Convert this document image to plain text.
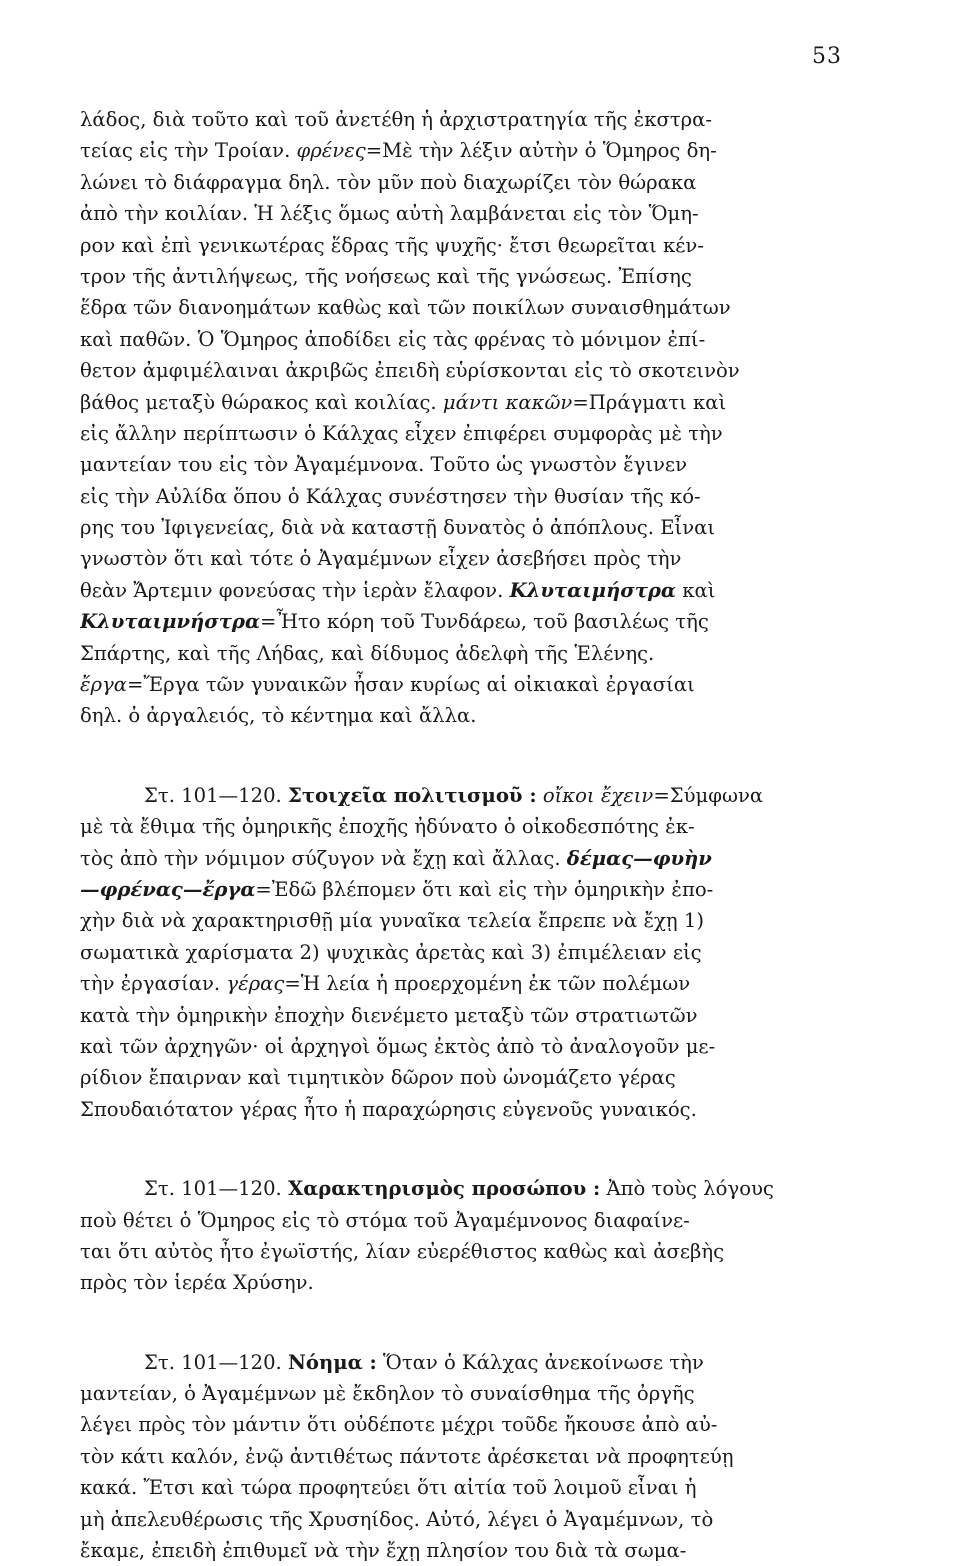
53
λάδος, διὰ τοῦτο καὶ τοῦ ἀνετέθη ἡ ἀρχιστρατηγία τῆς ἐκστρα-
τείας εἰς τὴν Τροίαν. φρένες=Μὲ τὴν λέξιν αὐτὴν ὁ Ὅμηρος δη-
λώνει τὸ διάφραγμα δηλ. τὸν μῦν ποὺ διαχωρίζει τὸν θώρακα
ἀπὸ τὴν κοιλίαν. Ἡ λέξις ὅμως αὐτὴ λαμβάνεται εἰς τὸν Ὅμη-
ρον καὶ ἐπὶ γενικωτέρας ἕδρας τῆς ψυχῆς· ἔτσι θεωρεῖται κέν-
τρον τῆς ἀντιλήψεως, τῆς νοήσεως καὶ τῆς γνώσεως. Ἐπίσης
ἕδρα τῶν διανοημάτων καθὼς καὶ τῶν ποικίλων συναισθημάτων
καὶ παθῶν. Ὁ Ὅμηρος ἀποδίδει εἰς τὰς φρένας τὸ μόνιμον ἐπί-
θετον ἀμφιμέλαιναι ἀκριβῶς ἐπειδὴ εὑρίσκονται εἰς τὸ σκοτεινὸν
βάθος μεταξὺ θώρακος καὶ κοιλίας. μάντι κακῶν=Πράγματι καὶ
εἰς ἄλλην περίπτωσιν ὁ Κάλχας εἶχεν ἐπιφέρει συμφορὰς μὲ τὴν
μαντείαν του εἰς τὸν Ἀγαμέμνονα. Τοῦτο ὡς γνωστὸν ἔγινεν
εἰς τὴν Αὐλίδα ὅπου ὁ Κάλχας συνέστησεν τὴν θυσίαν τῆς κό-
ρης του Ἰφιγενείας, διὰ νὰ καταστῇ δυνατὸς ὁ ἀπόπλους. Εἶναι
γνωστὸν ὅτι καὶ τότε ὁ Ἀγαμέμνων εἶχεν ἀσεβήσει πρὸς τὴν
θεὰν Ἄρτεμιν φονεύσας τὴν ἱερὰν ἔλαφον. Κλυταιμήστρα καὶ
Κλυταιμνήστρα=Ἦτο κόρη τοῦ Τυνδάρεω, τοῦ βασιλέως τῆς
Σπάρτης, καὶ τῆς Λήδας, καὶ δίδυμος ἀδελφὴ τῆς Ἑλένης.
ἔργα=Ἔργα τῶν γυναικῶν ἦσαν κυρίως αἱ οἰκιακαὶ ἐργασίαι
δηλ. ὁ ἀργαλειός, τὸ κέντημα καὶ ἄλλα.
Στ. 101—120. Στοιχεῖα πολιτισμοῦ : οἴκοι ἔχειν=Σύμφωνα
μὲ τὰ ἔθιμα τῆς ὁμηρικῆς ἐποχῆς ἠδύνατο ὁ οἰκοδεσπότης ἐκ-
τὸς ἀπὸ τὴν νόμιμον σύζυγον νὰ ἔχῃ καὶ ἄλλας. δέμας—φυὴν
—φρένας—ἔργα=Ἐδῶ βλέπομεν ὅτι καὶ εἰς τὴν ὁμηρικὴν ἐπο-
χὴν διὰ νὰ χαρακτηρισθῇ μία γυναῖκα τελεία ἔπρεπε νὰ ἔχῃ 1)
σωματικὰ χαρίσματα 2) ψυχικὰς ἀρετὰς καὶ 3) ἐπιμέλειαν εἰς
τὴν ἐργασίαν. γέρας=Ἡ λεία ἡ προερχομένη ἐκ τῶν πολέμων
κατὰ τὴν ὁμηρικὴν ἐποχὴν διενέμετο μεταξὺ τῶν στρατιωτῶν
καὶ τῶν ἀρχηγῶν· οἱ ἀρχηγοὶ ὅμως ἐκτὸς ἀπὸ τὸ ἀναλογοῦν με-
ρίδιον ἔπαιρναν καὶ τιμητικὸν δῶρον ποὺ ὠνομάζετο γέρας
Σπουδαιότατον γέρας ἦτο ἡ παραχώρησις εὐγενοῦς γυναικός.
Στ. 101—120. Χαρακτηρισμὸς προσώπου : Ἀπὸ τοὺς λόγους
ποὺ θέτει ὁ Ὅμηρος εἰς τὸ στόμα τοῦ Ἀγαμέμνονος διαφαίνε-
ται ὅτι αὐτὸς ἦτο ἐγωϊστής, λίαν εὐερέθιστος καθὼς καὶ ἀσεβὴς
πρὸς τὸν ἱερέα Χρύσην.
Στ. 101—120. Νόημα : Ὅταν ὁ Κάλχας ἀνεκοίνωσε τὴν
μαντείαν, ὁ Ἀγαμέμνων μὲ ἔκδηλον τὸ συναίσθημα τῆς ὀργῆς
λέγει πρὸς τὸν μάντιν ὅτι οὐδέποτε μέχρι τοῦδε ἤκουσε ἀπὸ αὐ-
τὸν κάτι καλόν, ἐνῷ ἀντιθέτως πάντοτε ἀρέσκεται νὰ προφητεύῃ
κακά. Ἔτσι καὶ τώρα προφητεύει ὅτι αἰτία τοῦ λοιμοῦ εἶναι ἡ
μὴ ἀπελευθέρωσις τῆς Χρυσηίδος. Αὐτό, λέγει ὁ Ἀγαμέμνων, τὸ
ἔκαμε, ἐπειδὴ ἐπιθυμεῖ νὰ τὴν ἔχῃ πλησίον του διὰ τὰ σωμα-
